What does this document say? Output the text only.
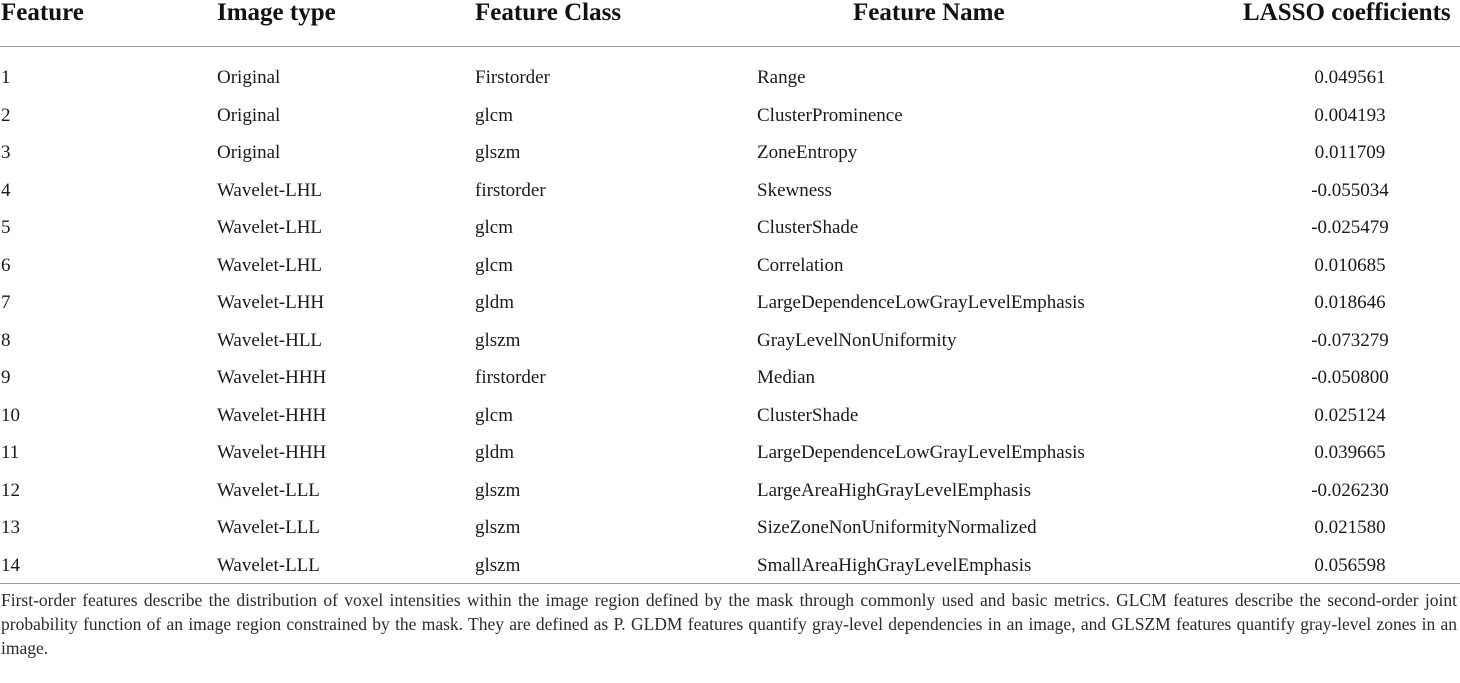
Feature	Image type	Feature Class	Feature Name	LASSO coefficients
1	Original	Firstorder	Range	0.049561
2	Original	glcm	ClusterProminence	0.004193
3	Original	glszm	ZoneEntropy	0.011709
4	Wavelet-LHL	firstorder	Skewness	-0.055034
5	Wavelet-LHL	glcm	ClusterShade	-0.025479
6	Wavelet-LHL	glcm	Correlation	0.010685
7	Wavelet-LHH	gldm	LargeDependenceLowGrayLevelEmphasis	0.018646
8	Wavelet-HLL	glszm	GrayLevelNonUniformity	-0.073279
9	Wavelet-HHH	firstorder	Median	-0.050800
10	Wavelet-HHH	glcm	ClusterShade	0.025124
11	Wavelet-HHH	gldm	LargeDependenceLowGrayLevelEmphasis	0.039665
12	Wavelet-LLL	glszm	LargeAreaHighGrayLevelEmphasis	-0.026230
13	Wavelet-LLL	glszm	SizeZoneNonUniformityNormalized	0.021580
14	Wavelet-LLL	glszm	SmallAreaHighGrayLevelEmphasis	0.056598
First-order features describe the distribution of voxel intensities within the image region defined by the mask through commonly used and basic metrics. GLCM features describe the second-order joint probability function of an image region constrained by the mask. They are defined as P. GLDM features quantify gray-level dependencies in an image, and GLSZM features quantify gray-level zones in an image.
